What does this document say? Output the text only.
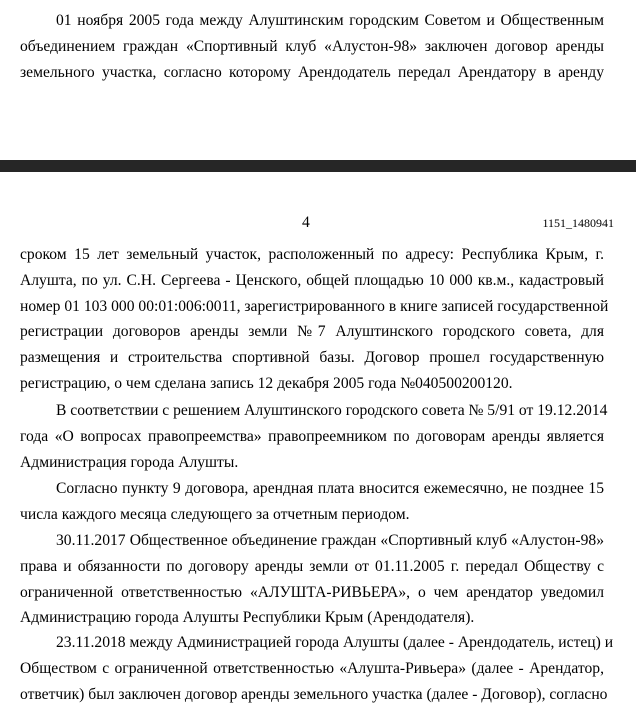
01 ноября 2005 года между Алуштинским городским Советом и Общественным
объединением граждан «Спортивный клуб «Алустон-98» заключен договор аренды
земельного участка, согласно которому Арендодатель передал Арендатору в аренду
4	1151_1480941
сроком 15 лет земельный участок, расположенный по адресу: Республика Крым, г.
Алушта, по ул. С.Н. Сергеева - Ценского, общей площадью 10 000 кв.м., кадастровый
номер 01 103 000 00:01:006:0011, зарегистрированного в книге записей государственной
регистрации договоров аренды земли №7 Алуштинского городского совета, для
размещения и строительства спортивной базы. Договор прошел государственную
регистрацию, о чем сделана запись 12 декабря 2005 года №040500200120.
В соответствии с решением Алуштинского городского совета № 5/91 от 19.12.2014
года «О вопросах правопреемства» правопреемником по договорам аренды является
Администрация города Алушты.
Согласно пункту 9 договора, арендная плата вносится ежемесячно, не позднее 15
числа каждого месяца следующего за отчетным периодом.
30.11.2017 Общественное объединение граждан «Спортивный клуб «Алустон-98»
права и обязанности по договору аренды земли от 01.11.2005 г. передал Обществу с
ограниченной ответственностью «АЛУШТА-РИВЬЕРА», о чем арендатор уведомил
Администрацию города Алушты Республики Крым (Арендодателя).
23.11.2018 между Администрацией города Алушты (далее - Арендодатель, истец) и
Обществом с ограниченной ответственностью «Алушта-Ривьера» (далее - Арендатор,
ответчик) был заключен договор аренды земельного участка (далее - Договор), согласно
